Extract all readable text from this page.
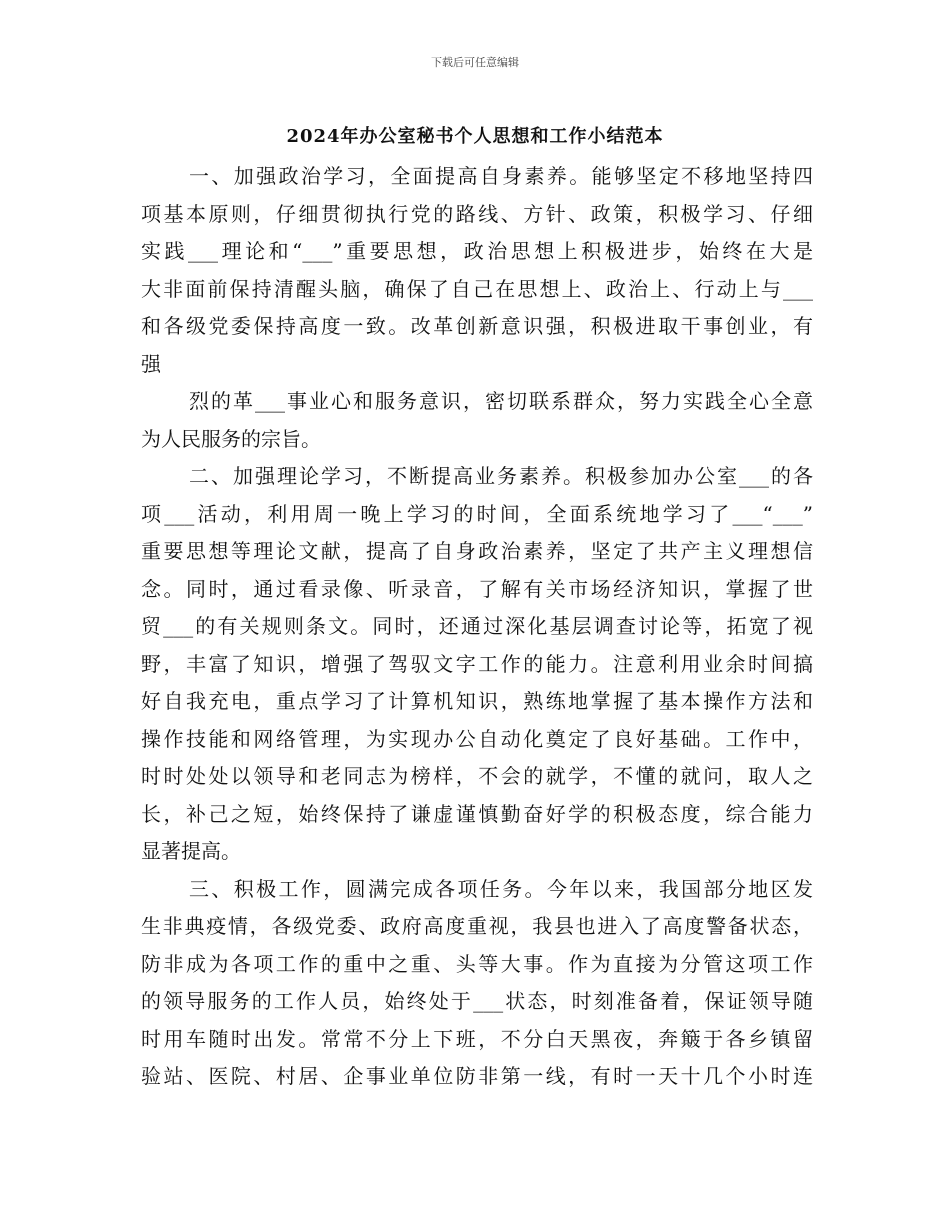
下载后可任意编辑
2024年办公室秘书个人思想和工作小结范本
一、加强政治学习，全面提高自身素养。能够坚定不移地坚持四
项基本原则，仔细贯彻执行党的路线、方针、政策，积极学习、仔细
实践___理论和“___”重要思想，政治思想上积极进步，始终在大是
大非面前保持清醒头脑，确保了自己在思想上、政治上、行动上与___
和各级党委保持高度一致。改革创新意识强，积极进取干事创业，有
强
烈的革___事业心和服务意识，密切联系群众，努力实践全心全意
为人民服务的宗旨。
二、加强理论学习，不断提高业务素养。积极参加办公室___的各
项___活动，利用周一晚上学习的时间，全面系统地学习了___“___”
重要思想等理论文献，提高了自身政治素养，坚定了共产主义理想信
念。同时，通过看录像、听录音，了解有关市场经济知识，掌握了世
贸___的有关规则条文。同时，还通过深化基层调查讨论等，拓宽了视
野，丰富了知识，增强了驾驭文字工作的能力。注意利用业余时间搞
好自我充电，重点学习了计算机知识，熟练地掌握了基本操作方法和
操作技能和网络管理，为实现办公自动化奠定了良好基础。工作中，
时时处处以领导和老同志为榜样，不会的就学，不懂的就问，取人之
长，补己之短，始终保持了谦虚谨慎勤奋好学的积极态度，综合能力
显著提高。
三、积极工作，圆满完成各项任务。今年以来，我国部分地区发
生非典疫情，各级党委、政府高度重视，我县也进入了高度警备状态，
防非成为各项工作的重中之重、头等大事。作为直接为分管这项工作
的领导服务的工作人员，始终处于___状态，时刻准备着，保证领导随
时用车随时出发。常常不分上下班，不分白天黑夜，奔簸于各乡镇留
验站、医院、村居、企事业单位防非第一线，有时一天十几个小时连
